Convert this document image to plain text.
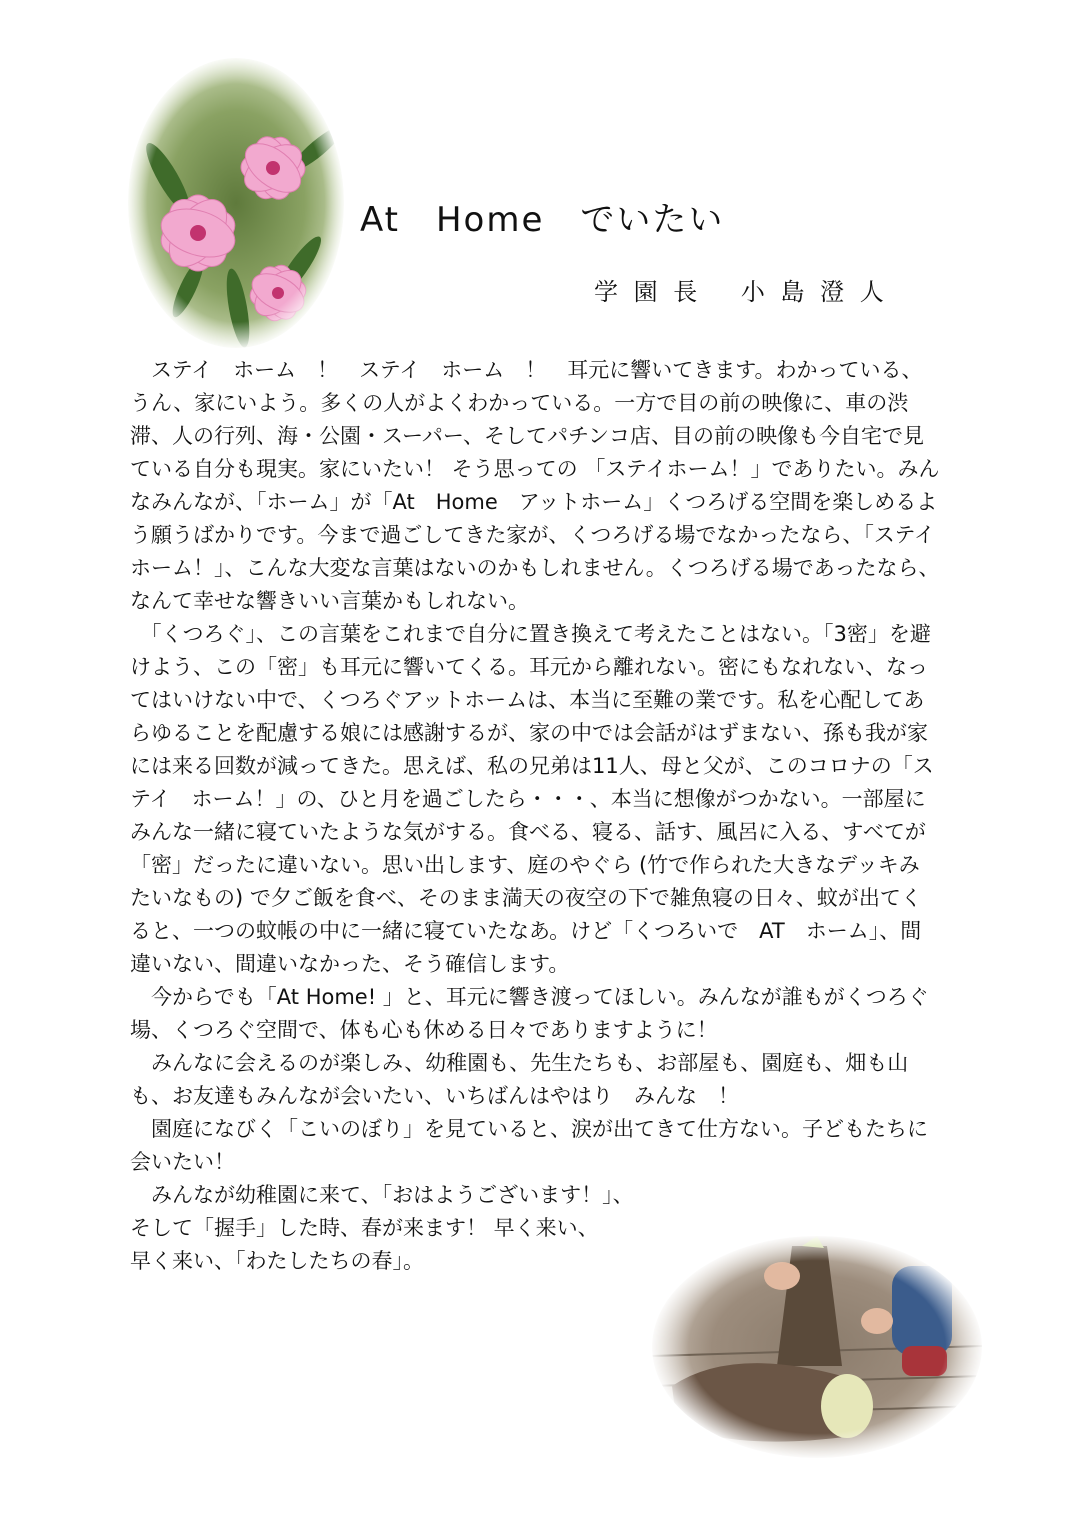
At　Home　でいたい
学 園 長　 小 島 澄 人

　ステイ　ホーム　！　ステイ　ホーム　！　耳元に響いてきます。わかっている、うん、家にいよう。多くの人がよくわかっている。一方で目の前の映像に、車の渋滞、人の行列、海・公園・スーパー、そしてパチンコ店、目の前の映像も今自宅で見ている自分も現実。家にいたい！ そう思っての 「ステイホーム！」でありたい。みんなみんなが、「ホーム」が「At　Home　アットホーム」くつろげる空間を楽しめるよう願うばかりです。今まで過ごしてきた家が、くつろげる場でなかったなら、「ステイ　ホーム！」、こんな大変な言葉はないのかもしれません。くつろげる場であったなら、なんて幸せな響きいい言葉かもしれない。

　「くつろぐ」、この言葉をこれまで自分に置き換えて考えたことはない。「3密」を避けよう、この「密」も耳元に響いてくる。耳元から離れない。密にもなれない、なってはいけない中で、くつろぐアットホームは、本当に至難の業です。私を心配してあらゆることを配慮する娘には感謝するが、家の中では会話がはずまない、孫も我が家には来る回数が減ってきた。思えば、私の兄弟は11人、母と父が、このコロナの「ステイ　ホーム！」の、ひと月を過ごしたら・・・、本当に想像がつかない。一部屋にみんな一緒に寝ていたような気がする。食べる、寝る、話す、風呂に入る、すべてが「密」だったに違いない。思い出します、庭のやぐら (竹で作られた大きなデッキみたいなもの) で夕ご飯を食べ、そのまま満天の夜空の下で雑魚寝の日々、蚊が出てくると、一つの蚊帳の中に一緒に寝ていたなあ。けど「くつろいで　AT　ホーム」、間違いない、間違いなかった、そう確信します。

　今からでも「At Home! 」と、耳元に響き渡ってほしい。みんなが誰もがくつろぐ場、くつろぐ空間で、体も心も休める日々でありますように！

　みんなに会えるのが楽しみ、幼稚園も、先生たちも、お部屋も、園庭も、畑も山も、お友達もみんなが会いたい、いちばんはやはり　みんな　！

　園庭になびく「こいのぼり」を見ていると、涙が出てきて仕方ない。子どもたちに会いたい！

　みんなが幼稚園に来て、「おはようございます！」、
そして「握手」した時、春が来ます！ 早く来い、
早く来い、「わたしたちの春」。
